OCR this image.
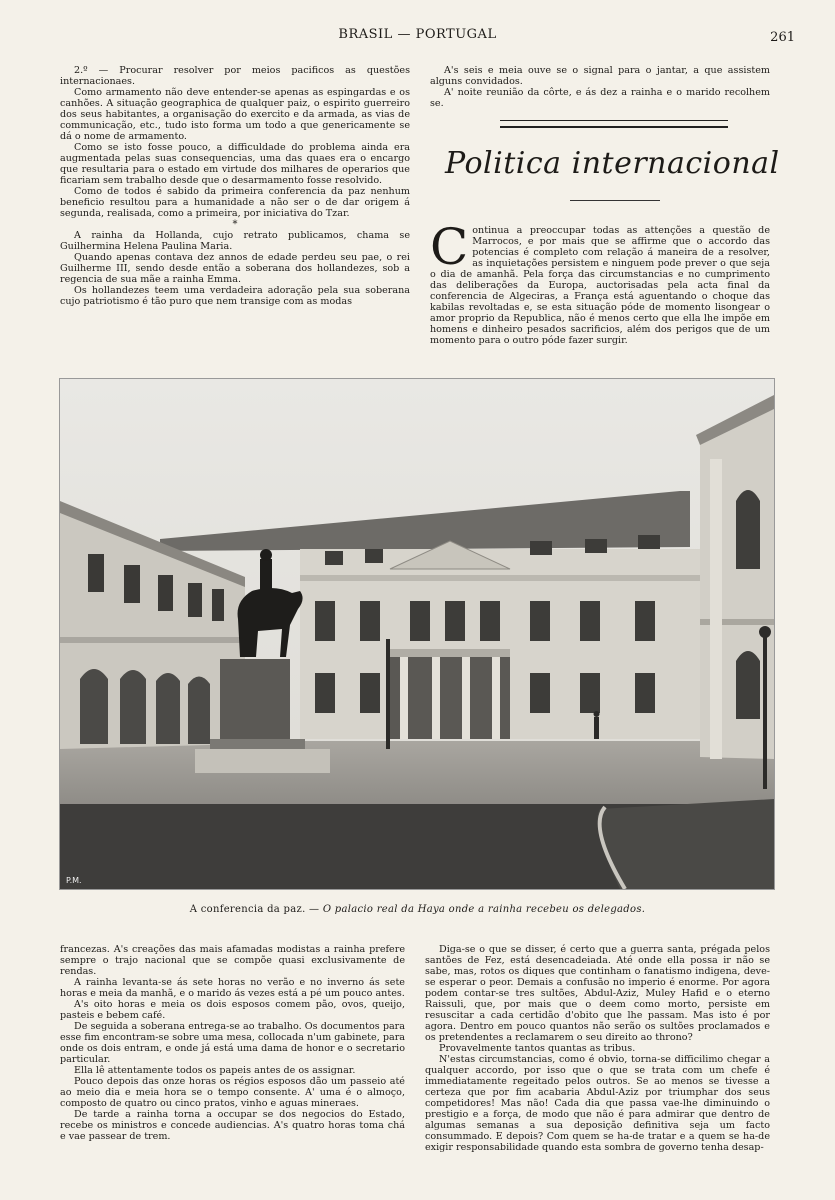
BRASIL — PORTUGAL	261

2.º — Procurar resolver por meios pacificos as questões internacionaes.

Como armamento não deve entender-se apenas as espingardas e os canhões. A situação geographica de qualquer paiz, o espirito guerreiro dos seus habitantes, a organisação do exercito e da armada, as vias de communicação, etc., tudo isto forma um todo a que genericamente se dá o nome de armamento.

Como se isto fosse pouco, a difficuldade do problema ainda era augmentada pelas suas consequencias, uma das quaes era o encargo que resultaria para o estado em virtude dos milhares de operarios que ficariam sem trabalho desde que o desarmamento fosse resolvido.

Como de todos é sabido da primeira conferencia da paz nenhum beneficio resultou para a humanidade a não ser o de dar origem á segunda, realisada, como a primeira, por iniciativa do Tzar.

*

A rainha da Hollanda, cujo retrato publicamos, chama se Guilhermina Helena Paulina Maria.

Quando apenas contava dez annos de edade perdeu seu pae, o rei Guilherme III, sendo desde então a soberana dos hollandezes, sob a regencia de sua mãe a rainha Emma.

Os hollandezes teem uma verdadeira adoração pela sua soberana cujo patriotismo é tão puro que nem transige com as modas

A's seis e meia ouve se o signal para o jantar, a que assistem alguns convidados.

A' noite reunião da côrte, e ás dez a rainha e o marido recolhem se.

Politica internacional
C ontinua a preoccupar todas as attenções a questão de Marrocos, e por mais que se affirme que o accordo das potencias é completo com relação á maneira de a resolver, as inquietações persistem e ninguem pode prever o que seja o dia de amanhã. Pela força das circumstancias e no cumprimento das deliberações da Europa, auctorisadas pela acta final da conferencia de Algeciras, a França está aguentando o choque das kabilas revoltadas e, se esta situação póde de momento lisongear o amor proprio da Republica, não é menos certo que ella lhe impõe em homens e dinheiro pesados sacrificios, além dos perigos que de um momento para o outro póde fazer surgir.

P.M.
A conferencia da paz. — O palacio real da Haya onde a rainha recebeu os delegados.

francezas. A's creações das mais afamadas modistas a rainha prefere sempre o trajo nacional que se compõe quasi exclusivamente de rendas.

A rainha levanta-se ás sete horas no verão e no inverno ás sete horas e meia da manhã, e o marido ás vezes está a pé um pouco antes.

A's oito horas e meia os dois esposos comem pão, ovos, queijo, pasteis e bebem café.

De seguida a soberana entrega-se ao trabalho. Os documentos para esse fim encontram-se sobre uma mesa, collocada n'um gabinete, para onde os dois entram, e onde já está uma dama de honor e o secretario particular.

Ella lê attentamente todos os papeis antes de os assignar.

Pouco depois das onze horas os régios esposos dão um passeio até ao meio dia e meia hora se o tempo consente. A' uma é o almoço, composto de quatro ou cinco pratos, vinho e aguas mineraes.

De tarde a rainha torna a occupar se dos negocios do Estado, recebe os ministros e concede audiencias. A's quatro horas toma chá e vae passear de trem.

Diga-se o que se disser, é certo que a guerra santa, prégada pelos santões de Fez, está desencadeiada. Até onde ella possa ir não se sabe, mas, rotos os diques que continham o fanatismo indigena, deve-se esperar o peor. Demais a confusão no imperio é enorme. Por agora podem contar-se tres sultões, Abdul-Aziz, Muley Hafid e o eterno Raissuli, que, por mais que o deem como morto, persiste em resuscitar a cada certidão d'obito que lhe passam. Mas isto é por agora. Dentro em pouco quantos não serão os sultões proclamados e os pretendentes a reclamarem o seu direito ao throno?

Provavelmente tantos quantas as tribus.

N'estas circumstancias, como é obvio, torna-se difficilimo chegar a qualquer accordo, por isso que o que se trata com um chefe é immediatamente regeitado pelos outros. Se ao menos se tivesse a certeza que por fim acabaria Abdul-Aziz por triumphar dos seus competidores! Mas não! Cada dia que passa vae-lhe diminuindo o prestigio e a força, de modo que não é para admirar que dentro de algumas semanas a sua deposição definitiva seja um facto consummado. E depois? Com quem se ha-de tratar e a quem se ha-de exigir responsabilidade quando esta sombra de governo tenha desap-
